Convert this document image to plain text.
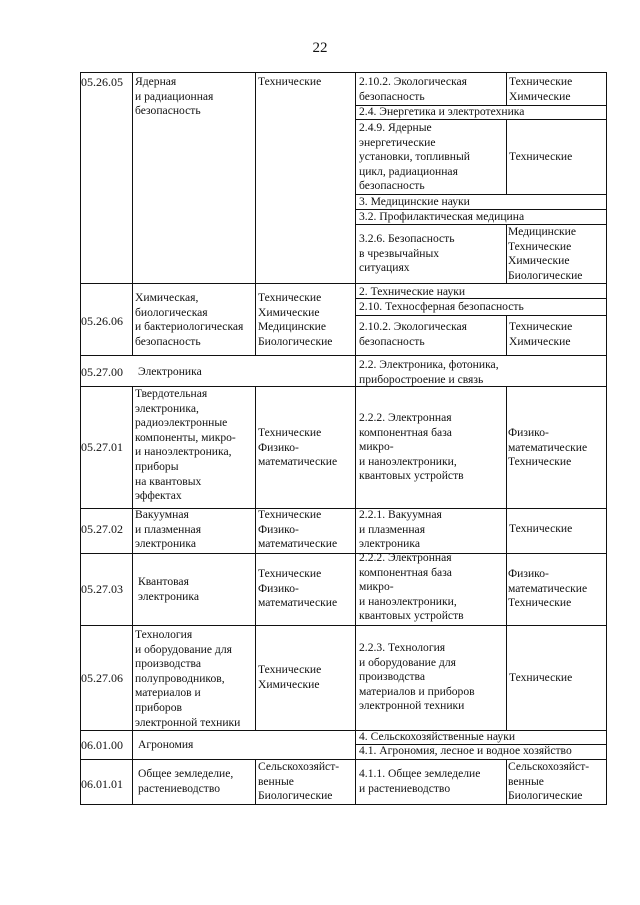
22
05.26.05 Ядерная
и радиационная
безопасность
Технические	2.10.2. Экологическая
безопасность
Технические
Химические
2.4. Энергетика и электротехника
2.4.9. Ядерные
энергетические
установки, топливный
цикл, радиационная
безопасность
Технические
3. Медицинские науки
3.2. Профилактическая медицина
3.2.6. Безопасность
в чрезвычайных
ситуациях
Медицинские
Технические
Химические
Биологические
05.26.06
Химическая,
биологическая
и бактериологическая
безопасность
Технические
Химические
Медицинские
Биологические
2. Технические науки
2.10. Техносферная безопасность
2.10.2. Экологическая
безопасность
Технические
Химические
05.27.00 Электроника
2.2. Электроника, фотоника,
приборостроение и связь
05.27.01
Твердотельная
электроника,
радиоэлектронные
компоненты, микро-
и наноэлектроника,
приборы
на квантовых
эффектах
Технические
Физико-
математические
2.2.2. Электронная
компонентная база
микро-
и наноэлектроники,
квантовых устройств
Физико-
математические
Технические
05.27.02
Вакуумная
и плазменная
электроника
Технические
Физико-
математические
2.2.1. Вакуумная
и плазменная
электроника
Технические
05.27.03
Квантовая
электроника
Технические
Физико-
математические
2.2.2. Электронная
компонентная база
микро-
и наноэлектроники,
квантовых устройств
Физико-
математические
Технические
05.27.06
Технология
и оборудование для
производства
полупроводников,
материалов и
приборов
электронной техники
Технические
Химические
2.2.3. Технология
и оборудование для
производства
материалов и приборов
электронной техники
Технические
06.01.00 Агрономия
4. Сельскохозяйственные науки
4.1. Агрономия, лесное и водное хозяйство
06.01.01
Общее земледелие,
растениеводство
Сельскохозяйст-
венные
Биологические
4.1.1. Общее земледелие
и растениеводство
Сельскохозяйст-
венные
Биологические
